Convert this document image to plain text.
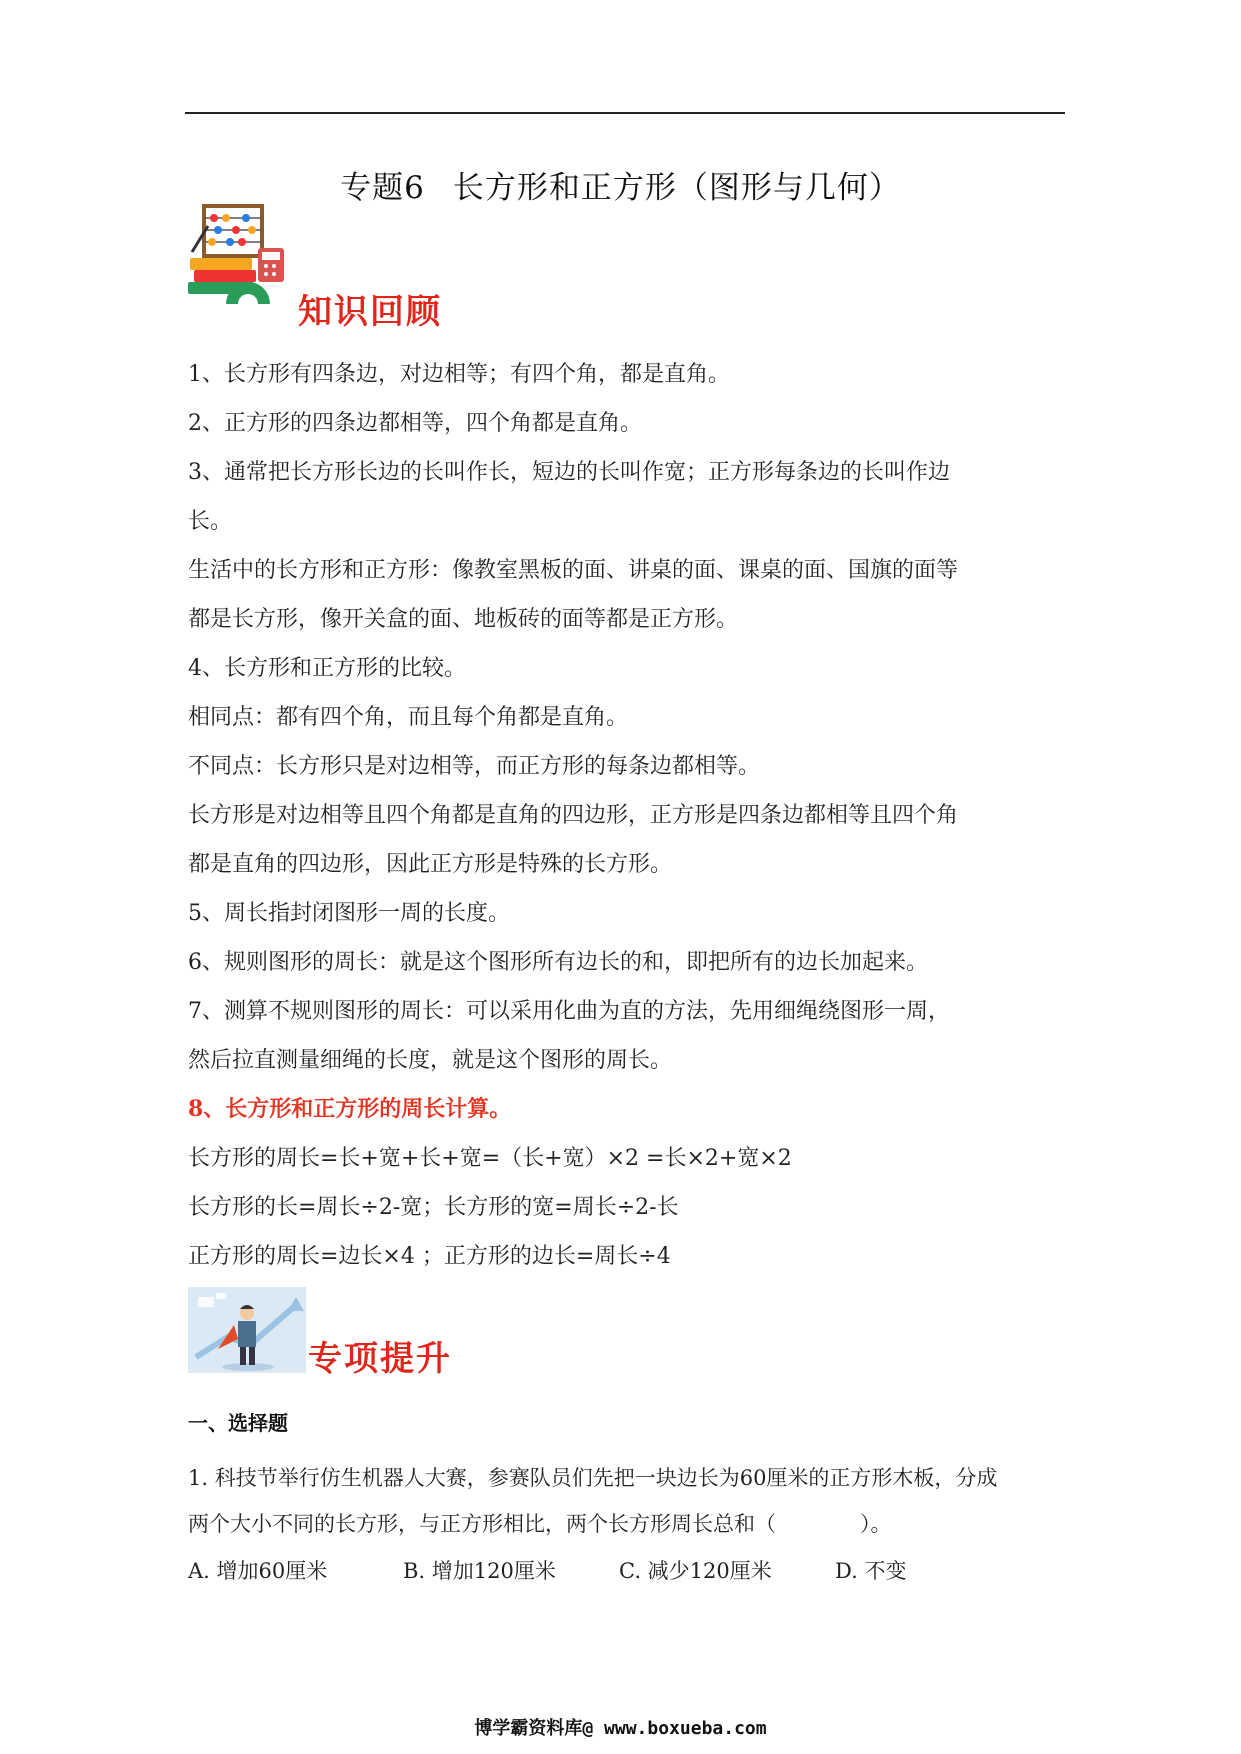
专题6 长方形和正方形（图形与几何）
知识回顾
1、长方形有四条边，对边相等；有四个角，都是直角。
2、正方形的四条边都相等，四个角都是直角。
3、通常把长方形长边的长叫作长，短边的长叫作宽；正方形每条边的长叫作边
长。
生活中的长方形和正方形：像教室黑板的面、讲桌的面、课桌的面、国旗的面等
都是长方形，像开关盒的面、地板砖的面等都是正方形。
4、长方形和正方形的比较。
相同点：都有四个角，而且每个角都是直角。
不同点：长方形只是对边相等，而正方形的每条边都相等。
长方形是对边相等且四个角都是直角的四边形，正方形是四条边都相等且四个角
都是直角的四边形，因此正方形是特殊的长方形。
5、周长指封闭图形一周的长度。
6、规则图形的周长：就是这个图形所有边长的和，即把所有的边长加起来。
7、测算不规则图形的周长：可以采用化曲为直的方法，先用细绳绕图形一周，
然后拉直测量细绳的长度，就是这个图形的周长。
8、长方形和正方形的周长计算。
长方形的周长=长+宽+长+宽=（长+宽）×2 =长×2+宽×2
长方形的长=周长÷2-宽；长方形的宽=周长÷2-长
正方形的周长=边长×4 ；正方形的边长=周长÷4
专项提升
一、选择题
1. 科技节举行仿生机器人大赛，参赛队员们先把一块边长为60厘米的正方形木板，分成
两个大小不同的长方形，与正方形相比，两个长方形周长总和（　　　　）。
A. 增加60厘米	B. 增加120厘米	C. 减少120厘米	D. 不变
博学霸资料库@ www.boxueba.com
